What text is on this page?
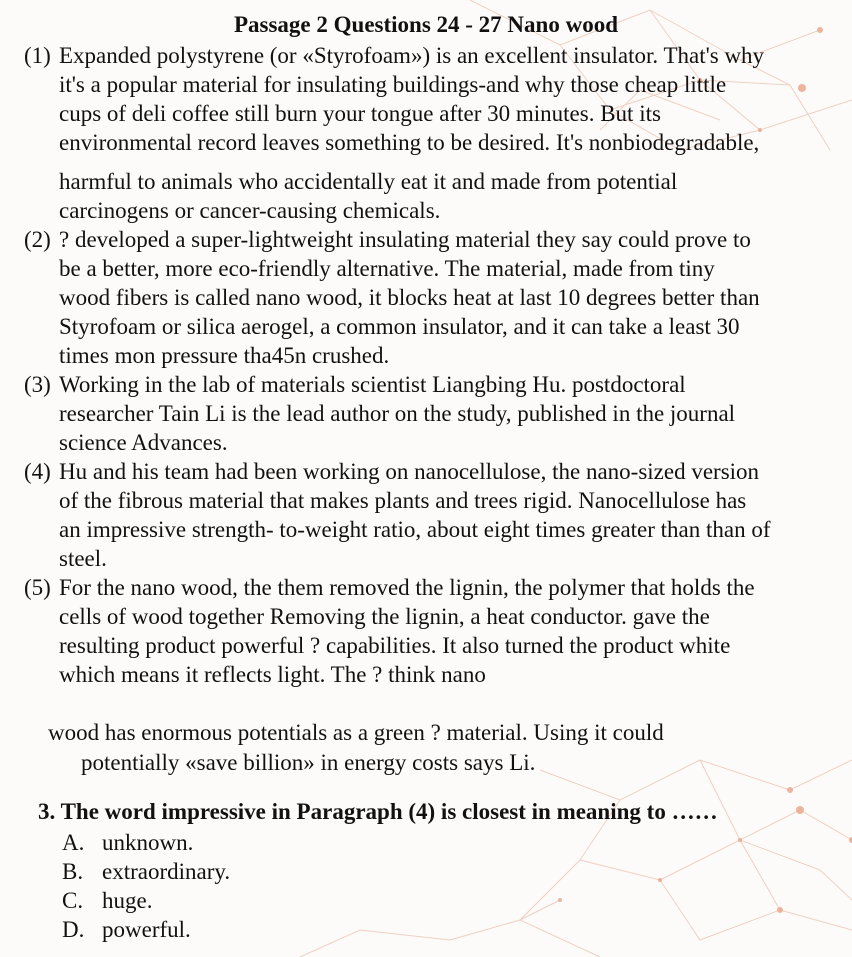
Passage 2 Questions 24 - 27 Nano wood
(1) Expanded polystyrene (or «Styrofoam») is an excellent insulator. That's why
it's a popular material for insulating buildings-and why those cheap little
cups of deli coffee still burn your tongue after 30 minutes. But its
environmental record leaves something to be desired. It's nonbiodegradable,
harmful to animals who accidentally eat it and made from potential
carcinogens or cancer-causing chemicals.
(2) ? developed a super-lightweight insulating material they say could prove to
be a better, more eco-friendly alternative. The material, made from tiny
wood fibers is called nano wood, it blocks heat at last 10 degrees better than
Styrofoam or silica aerogel, a common insulator, and it can take a least 30
times mon pressure tha45n crushed.
(3) Working in the lab of materials scientist Liangbing Hu. postdoctoral
researcher Tain Li is the lead author on the study, published in the journal
science Advances.
(4) Hu and his team had been working on nanocellulose, the nano-sized version
of the fibrous material that makes plants and trees rigid. Nanocellulose has
an impressive strength- to-weight ratio, about eight times greater than than of
steel.
(5) For the nano wood, the them removed the lignin, the polymer that holds the
cells of wood together Removing the lignin, a heat conductor. gave the
resulting product powerful ? capabilities. It also turned the product white
which means it reflects light. The ? think nano
wood has enormous potentials as a green ? material. Using it could
potentially «save billion» in energy costs says Li.
3. The word impressive in Paragraph (4) is closest in meaning to ……
A. unknown.
B. extraordinary.
C. huge.
D. powerful.
